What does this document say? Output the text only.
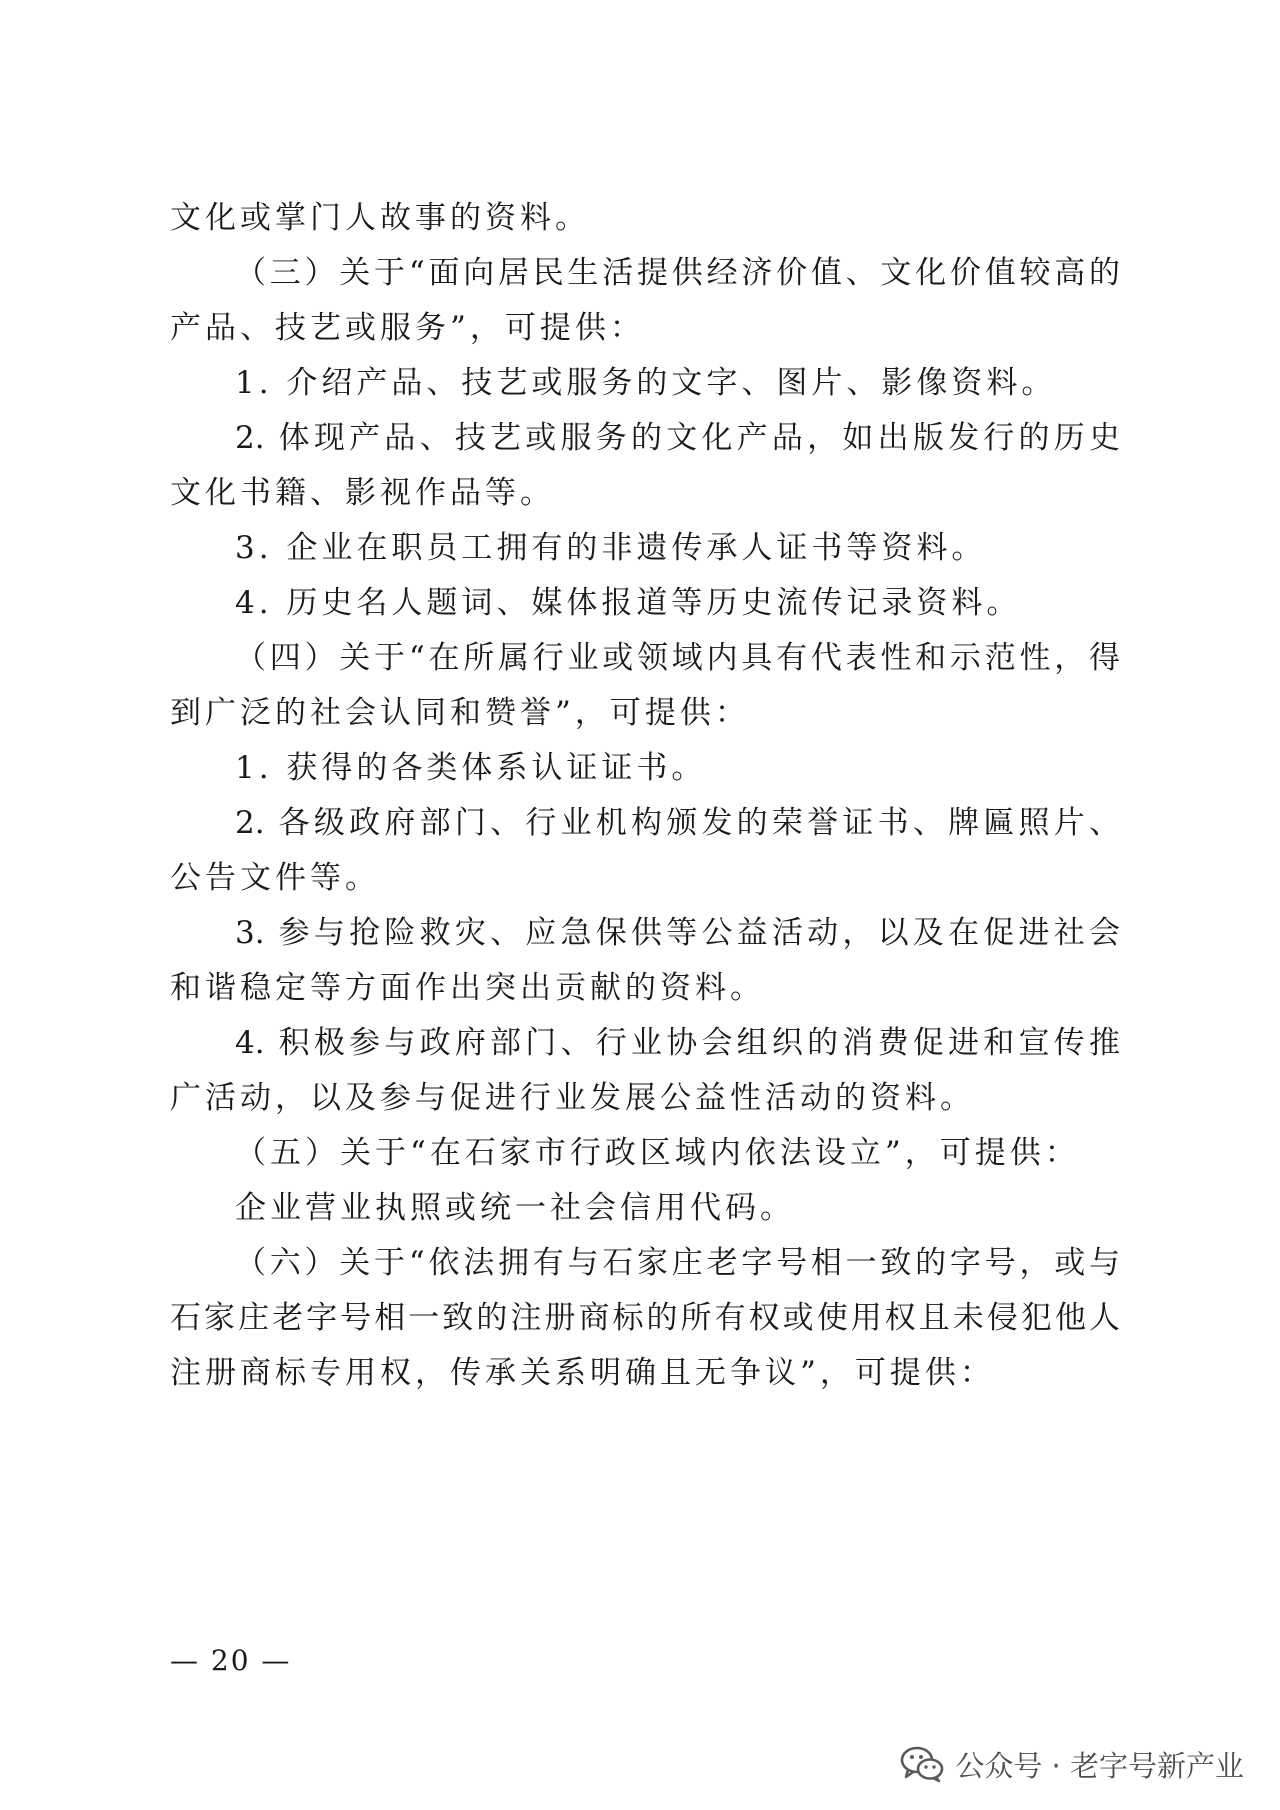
文化或掌门人故事的资料。
（三）关于“面向居民生活提供经济价值、文化价值较高的
产品、技艺或服务”，可提供：
1. 介绍产品、技艺或服务的文字、图片、影像资料。
2. 体现产品、技艺或服务的文化产品，如出版发行的历史
文化书籍、影视作品等。
3. 企业在职员工拥有的非遗传承人证书等资料。
4. 历史名人题词、媒体报道等历史流传记录资料。
（四）关于“在所属行业或领域内具有代表性和示范性，得
到广泛的社会认同和赞誉”，可提供：
1. 获得的各类体系认证证书。
2. 各级政府部门、行业机构颁发的荣誉证书、牌匾照片、
公告文件等。
3. 参与抢险救灾、应急保供等公益活动，以及在促进社会
和谐稳定等方面作出突出贡献的资料。
4. 积极参与政府部门、行业协会组织的消费促进和宣传推
广活动，以及参与促进行业发展公益性活动的资料。
（五）关于“在石家市行政区域内依法设立”，可提供：
企业营业执照或统一社会信用代码。
（六）关于“依法拥有与石家庄老字号相一致的字号，或与
石家庄老字号相一致的注册商标的所有权或使用权且未侵犯他人
注册商标专用权，传承关系明确且无争议”，可提供：
— 20 —
公众号 · 老字号新产业
